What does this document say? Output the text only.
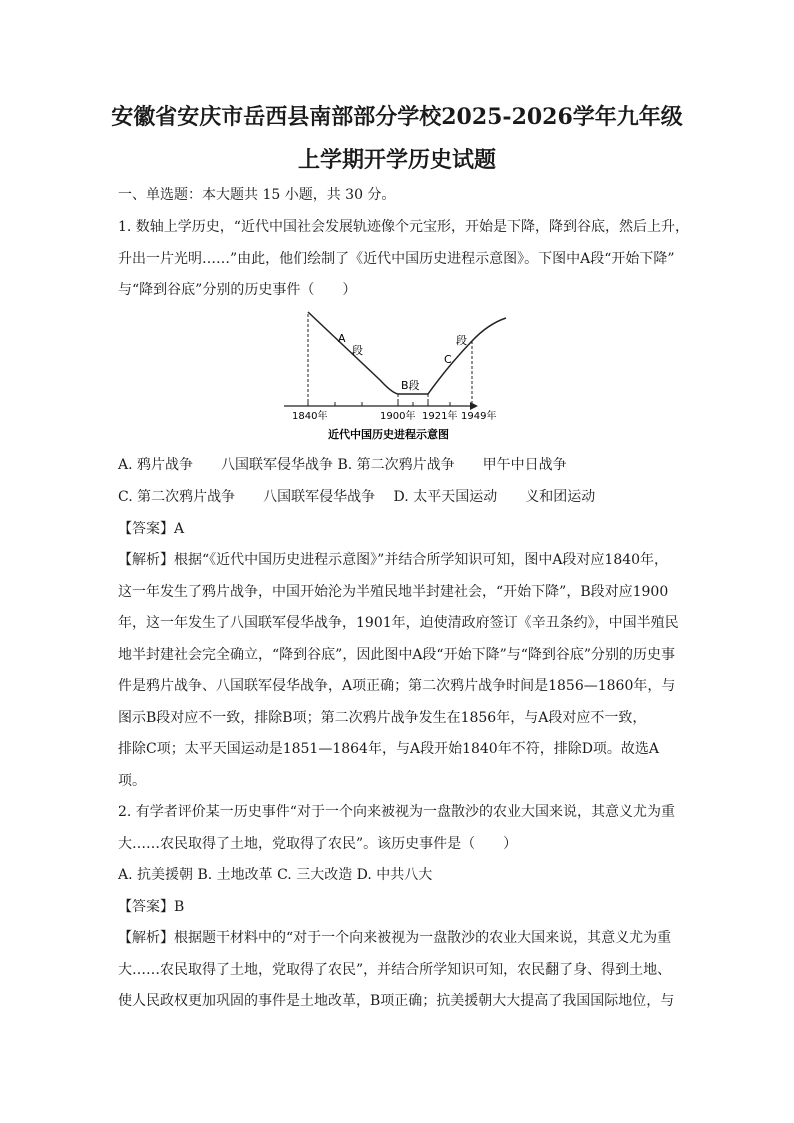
安徽省安庆市岳西县南部部分学校2025-2026学年九年级
上学期开学历史试题
一、单选题：本大题共 15 小题，共 30 分。
1. 数轴上学历史，“近代中国社会发展轨迹像个元宝形，开始是下降，降到谷底，然后上升，
升出一片光明……”由此，他们绘制了《近代中国历史进程示意图》。下图中A段“开始下降”
与“降到谷底”分别的历史事件（　　）
A
段
B段
C
段
1840年	1900年 1921年 1949年
近代中国历史进程示意图
A. 鸦片战争　　八国联军侵华战争 B. 第二次鸦片战争　　甲午中日战争
C. 第二次鸦片战争　　八国联军侵华战争　 D. 太平天国运动　　义和团运动
【答案】A
【解析】根据“《近代中国历史进程示意图》”并结合所学知识可知，图中A段对应1840年，
这一年发生了鸦片战争，中国开始沦为半殖民地半封建社会，“开始下降”，B段对应1900
年，这一年发生了八国联军侵华战争，1901年，迫使清政府签订《辛丑条约》，中国半殖民
地半封建社会完全确立，“降到谷底”，因此图中A段“开始下降”与“降到谷底”分别的历史事
件是鸦片战争、八国联军侵华战争，A项正确；第二次鸦片战争时间是1856—1860年，与
图示B段对应不一致，排除B项；第二次鸦片战争发生在1856年，与A段对应不一致，
排除C项；太平天国运动是1851—1864年，与A段开始1840年不符，排除D项。故选A
项。
2. 有学者评价某一历史事件“对于一个向来被视为一盘散沙的农业大国来说，其意义尤为重
大……农民取得了土地，党取得了农民”。该历史事件是（　　）
A. 抗美援朝 B. 土地改革 C. 三大改造 D. 中共八大
【答案】B
【解析】根据题干材料中的“对于一个向来被视为一盘散沙的农业大国来说，其意义尤为重
大……农民取得了土地，党取得了农民”，并结合所学知识可知，农民翻了身、得到土地、
使人民政权更加巩固的事件是土地改革，B项正确；抗美援朝大大提高了我国国际地位，与
